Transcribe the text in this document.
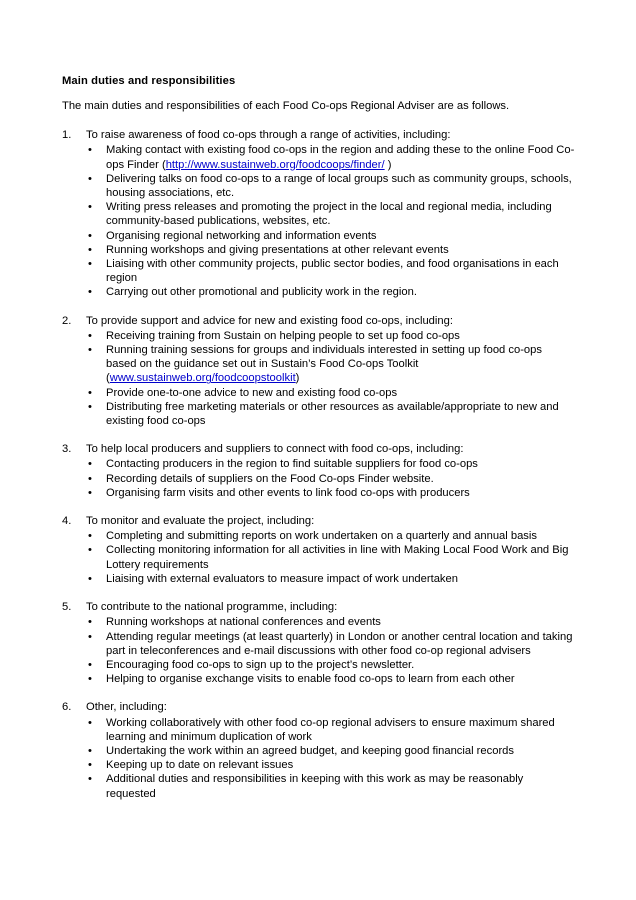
Main duties and responsibilities

The main duties and responsibilities of each Food Co-ops Regional Adviser are as follows.

1.	To raise awareness of food co-ops through a range of activities, including:
• Making contact with existing food co-ops in the region and adding these to the online Food Co-ops Finder (http://www.sustainweb.org/foodcoops/finder/ )
• Delivering talks on food co-ops to a range of local groups such as community groups, schools, housing associations, etc.
• Writing press releases and promoting the project in the local and regional media, including community-based publications, websites, etc.
• Organising regional networking and information events
• Running workshops and giving presentations at other relevant events
• Liaising with other community projects, public sector bodies, and food organisations in each region
• Carrying out other promotional and publicity work in the region.
2.	To provide support and advice for new and existing food co-ops, including:
• Receiving training from Sustain on helping people to set up food co-ops
• Running training sessions for groups and individuals interested in setting up food co-ops based on the guidance set out in Sustain’s Food Co-ops Toolkit (www.sustainweb.org/foodcoopstoolkit)
• Provide one-to-one advice to new and existing food co-ops
• Distributing free marketing materials or other resources as available/appropriate to new and existing food co-ops
3.	To help local producers and suppliers to connect with food co-ops, including:
• Contacting producers in the region to find suitable suppliers for food co-ops
• Recording details of suppliers on the Food Co-ops Finder website.
• Organising farm visits and other events to link food co-ops with producers
4.	To monitor and evaluate the project, including:
• Completing and submitting reports on work undertaken on a quarterly and annual basis
• Collecting monitoring information for all activities in line with Making Local Food Work and Big Lottery requirements
• Liaising with external evaluators to measure impact of work undertaken
5.	To contribute to the national programme, including:
• Running workshops at national conferences and events
• Attending regular meetings (at least quarterly) in London or another central location and taking part in teleconferences and e-mail discussions with other food co-op regional advisers
• Encouraging food co-ops to sign up to the project’s newsletter.
• Helping to organise exchange visits to enable food co-ops to learn from each other
6.	Other, including:
• Working collaboratively with other food co-op regional advisers to ensure maximum shared learning and minimum duplication of work
• Undertaking the work within an agreed budget, and keeping good financial records
• Keeping up to date on relevant issues
• Additional duties and responsibilities in keeping with this work as may be reasonably requested
